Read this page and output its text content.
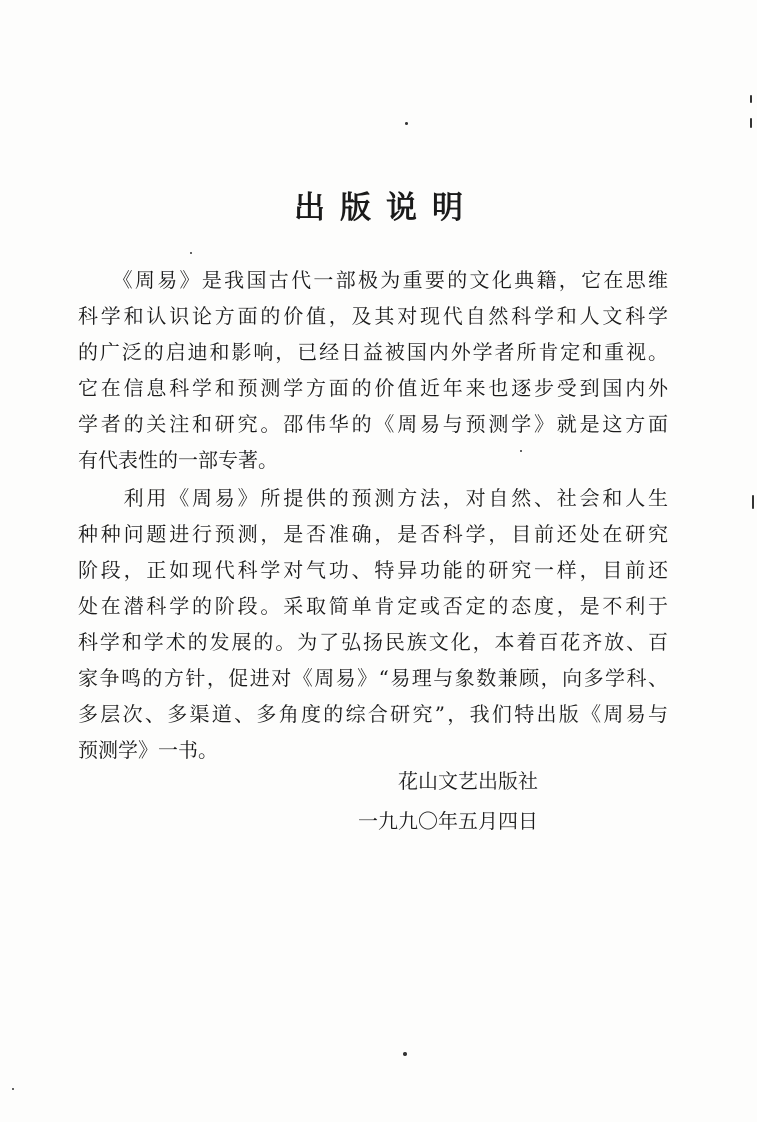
出版说明
　　《周易》是我国古代一部极为重要的文化典籍，它在思维
科学和认识论方面的价值，及其对现代自然科学和人文科学
的广泛的启迪和影响，已经日益被国内外学者所肯定和重视。
它在信息科学和预测学方面的价值近年来也逐步受到国内外
学者的关注和研究。邵伟华的《周易与预测学》就是这方面
有代表性的一部专著。
　　利用《周易》所提供的预测方法，对自然、社会和人生
种种问题进行预测，是否准确，是否科学，目前还处在研究
阶段，正如现代科学对气功、特异功能的研究一样，目前还
处在潜科学的阶段。采取简单肯定或否定的态度，是不利于
科学和学术的发展的。为了弘扬民族文化，本着百花齐放、百
家争鸣的方针，促进对《周易》“易理与象数兼顾，向多学科、
多层次、多渠道、多角度的综合研究”，我们特出版《周易与
预测学》一书。
花山文艺出版社
一九九〇年五月四日
